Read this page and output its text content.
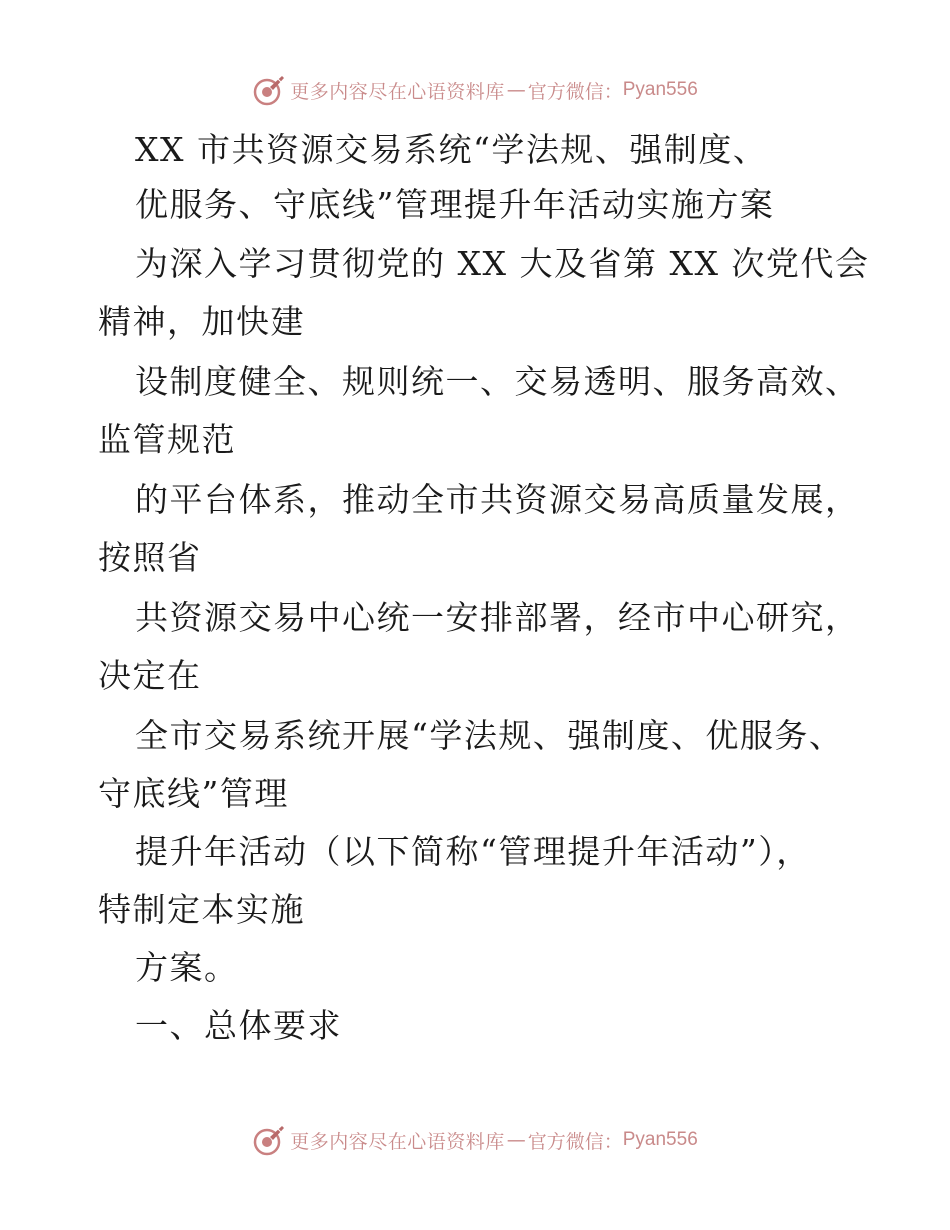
更多内容尽在心语资料库 — 官方微信： Pyan556
XX 市共资源交易系统“学法规、强制度、
优服务、守底线”管理提升年活动实施方案
为深入学习贯彻党的 XX 大及省第 XX 次党代会
精神，加快建
设制度健全、规则统一、交易透明、服务高效、
监管规范
的平台体系，推动全市共资源交易高质量发展，
按照省
共资源交易中心统一安排部署，经市中心研究，
决定在
全市交易系统开展“学法规、强制度、优服务、
守底线”管理
提升年活动（以下简称“管理提升年活动”），
特制定本实施
方案。
一、总体要求
更多内容尽在心语资料库 — 官方微信： Pyan556
